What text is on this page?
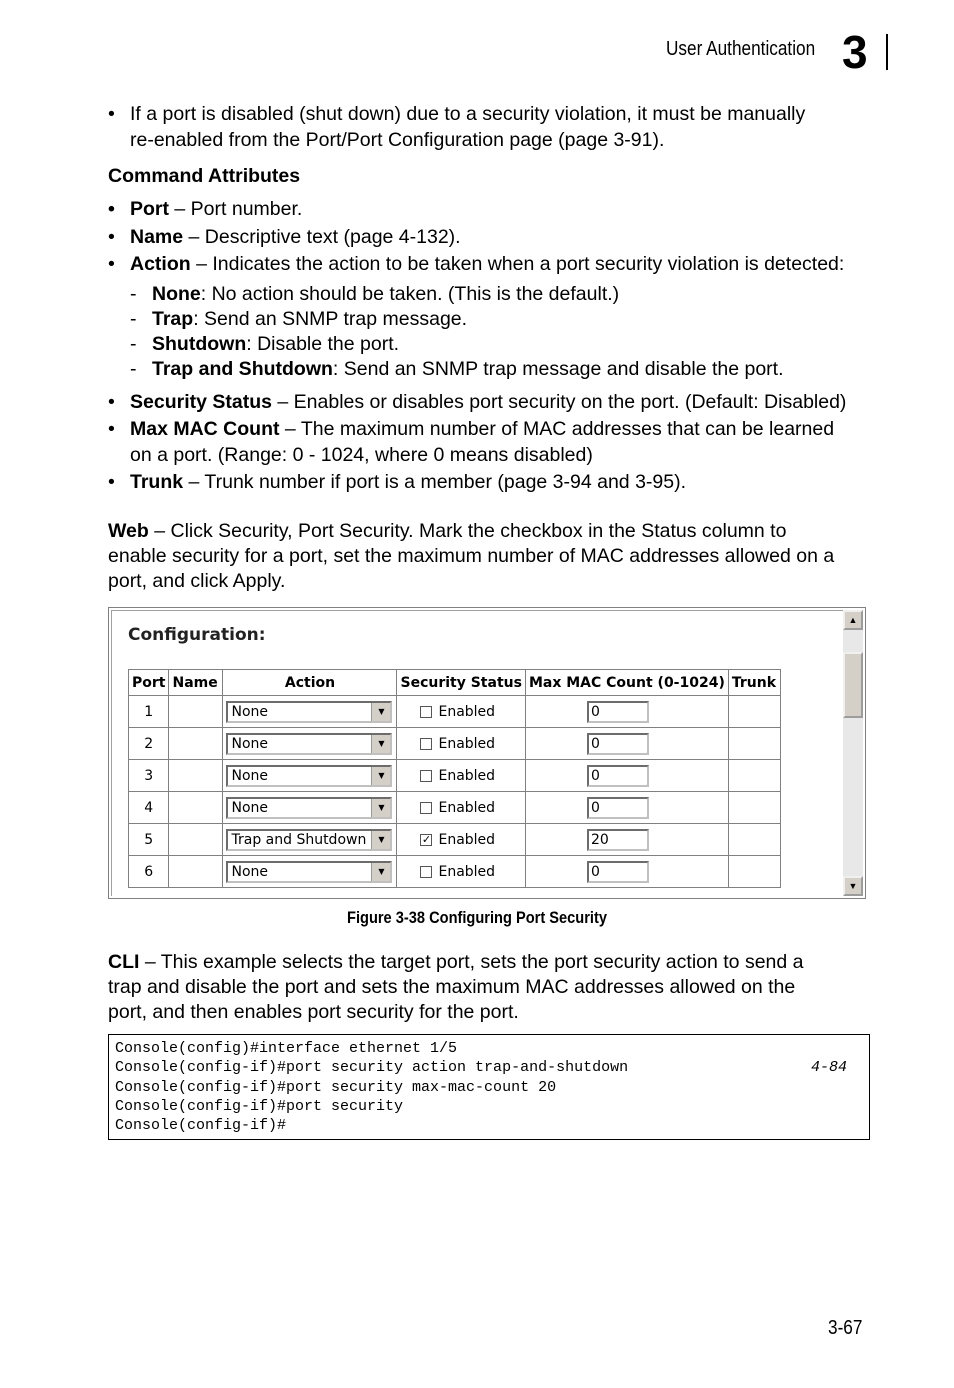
User Authentication 3
• If a port is disabled (shut down) due to a security violation, it must be manually
re-enabled from the Port/Port Configuration page (page 3-91).
Command Attributes
• Port – Port number.
• Name – Descriptive text (page 4-132).
• Action – Indicates the action to be taken when a port security violation is detected:
- None: No action should be taken. (This is the default.)
- Trap: Send an SNMP trap message.
- Shutdown: Disable the port.
- Trap and Shutdown: Send an SNMP trap message and disable the port.
• Security Status – Enables or disables port security on the port. (Default: Disabled)
• Max MAC Count – The maximum number of MAC addresses that can be learned
on a port. (Range: 0 - 1024, where 0 means disabled)
• Trunk – Trunk number if port is a member (page 3-94 and 3-95).
Web – Click Security, Port Security. Mark the checkbox in the Status column to
enable security for a port, set the maximum number of MAC addresses allowed on a
port, and click Apply.
Configuration:
Port	Name	Action	Security Status	Max MAC Count (0-1024)	Trunk
1		None ▼	Enabled	0	

2		None ▼	Enabled	0	

3		None ▼	Enabled	0	

4		None ▼	Enabled	0	

5		Trap and Shutdown ▼	✓ Enabled	20	

6		None ▼	Enabled	0	

▲
▼
Figure 3-38 Configuring Port Security
CLI – This example selects the target port, sets the port security action to send a
trap and disable the port and sets the maximum MAC addresses allowed on the
port, and then enables port security for the port.
Console(config)#interface ethernet 1/5
Console(config-if)#port security action trap-and-shutdown	4-84
Console(config-if)#port security max-mac-count 20
Console(config-if)#port security
Console(config-if)#
3-67
